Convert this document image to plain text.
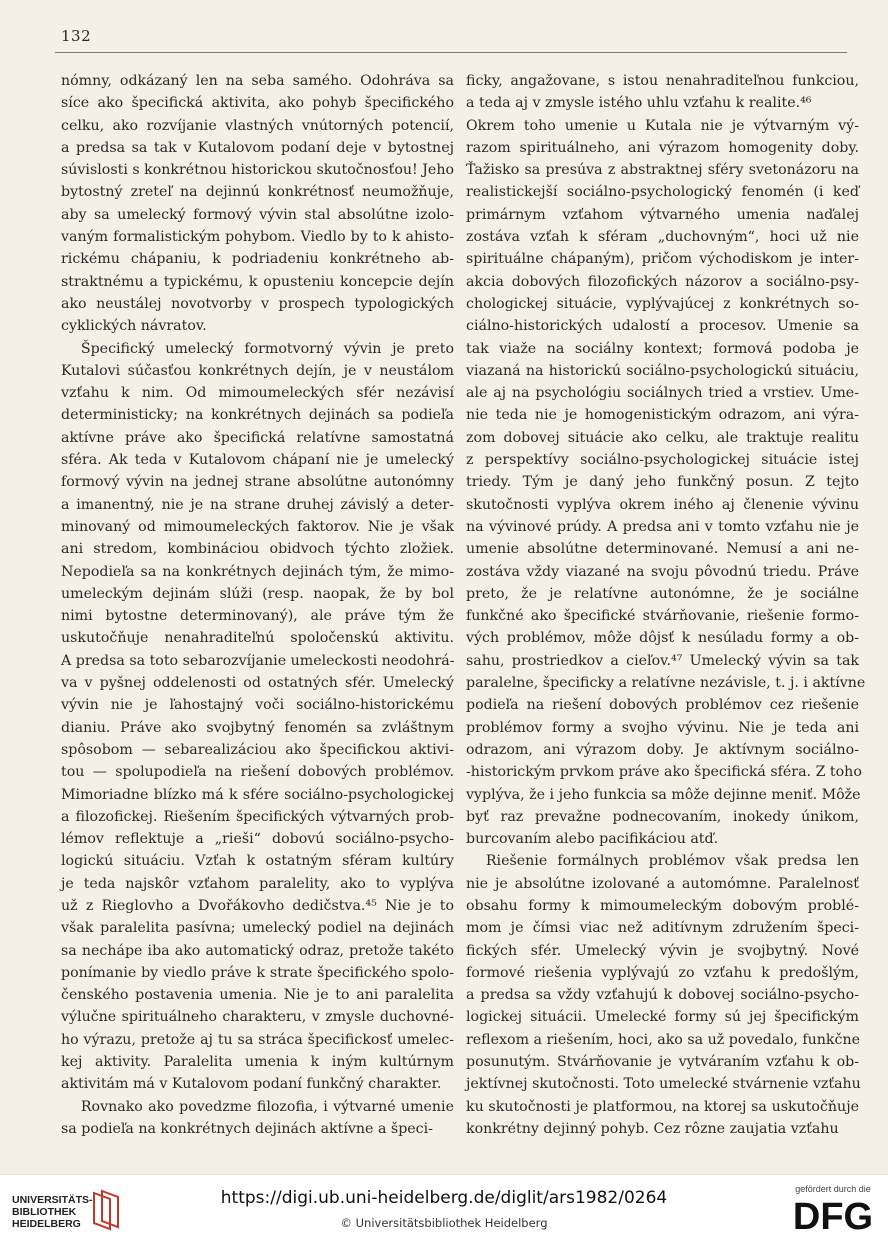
132
nómny, odkázaný len na seba samého. Odohráva sa
síce ako špecifická aktivita, ako pohyb špecifického
celku, ako rozvíjanie vlastných vnútorných potencií,
a predsa sa tak v Kutalovom podaní deje v bytostnej
súvislosti s konkrétnou historickou skutočnosťou! Jeho
bytostný zreteľ na dejinnú konkrétnosť neumožňuje,
aby sa umelecký formový vývin stal absolútne izolo-
vaným formalistickým pohybom. Viedlo by to k ahisto-
rickému chápaniu, k podriadeniu konkrétneho ab-
straktnému a typickému, k opusteniu koncepcie dejín
ako neustálej novotvorby v prospech typologických
cyklických návratov.
Špecifický umelecký formotvorný vývin je preto
Kutalovi súčasťou konkrétnych dejín, je v neustálom
vzťahu k nim. Od mimoumeleckých sfér nezávisí
deterministicky; na konkrétnych dejinách sa podieľa
aktívne práve ako špecifická relatívne samostatná
sféra. Ak teda v Kutalovom chápaní nie je umelecký
formový vývin na jednej strane absolútne autonómny
a imanentný, nie je na strane druhej závislý a deter-
minovaný od mimoumeleckých faktorov. Nie je však
ani stredom, kombináciou obidvoch týchto zložiek.
Nepodieľa sa na konkrétnych dejinách tým, že mimo-
umeleckým dejinám slúži (resp. naopak, že by bol
nimi bytostne determinovaný), ale práve tým že
uskutočňuje nenahraditeľnú spoločenskú aktivitu.
A predsa sa toto sebarozvíjanie umeleckosti neodohrá-
va v pyšnej oddelenosti od ostatných sfér. Umelecký
vývin nie je ľahostajný voči sociálno-historickému
dianiu. Práve ako svojbytný fenomén sa zvláštnym
spôsobom — sebarealizáciou ako špecifickou aktivi-
tou — spolupodieľa na riešení dobových problémov.
Mimoriadne blízko má k sfére sociálno-psychologickej
a filozofickej. Riešením špecifických výtvarných prob-
lémov reflektuje a „rieši“ dobovú sociálno-psycho-
logickú situáciu. Vzťah k ostatným sféram kultúry
je teda najskôr vzťahom paralelity, ako to vyplýva
už z Rieglovho a Dvořákovho dedičstva.⁴⁵ Nie je to
však paralelita pasívna; umelecký podiel na dejinách
sa nechápe iba ako automatický odraz, pretože takéto
ponímanie by viedlo práve k strate špecifického spolo-
čenského postavenia umenia. Nie je to ani paralelita
výlučne spirituálneho charakteru, v zmysle duchovné-
ho výrazu, pretože aj tu sa stráca špecifickosť umelec-
kej aktivity. Paralelita umenia k iným kultúrnym
aktivitám má v Kutalovom podaní funkčný charakter.
Rovnako ako povedzme filozofia, i výtvarné umenie
sa podieľa na konkrétnych dejinách aktívne a špeci-
ficky, angažovane, s istou nenahraditeľnou funkciou,
a teda aj v zmysle istého uhlu vzťahu k realite.⁴⁶
Okrem toho umenie u Kutala nie je výtvarným vý-
razom spirituálneho, ani výrazom homogenity doby.
Ťažisko sa presúva z abstraktnej sféry svetonázoru na
realistickejší sociálno-psychologický fenomén (i keď
primárnym vzťahom výtvarného umenia naďalej
zostáva vzťah k sféram „duchovným“, hoci už nie
spirituálne chápaným), pričom východiskom je inter-
akcia dobových filozofických názorov a sociálno-psy-
chologickej situácie, vyplývajúcej z konkrétnych so-
ciálno-historických udalostí a procesov. Umenie sa
tak viaže na sociálny kontext; formová podoba je
viazaná na historickú sociálno-psychologickú situáciu,
ale aj na psychológiu sociálnych tried a vrstiev. Ume-
nie teda nie je homogenistickým odrazom, ani výra-
zom dobovej situácie ako celku, ale traktuje realitu
z perspektívy sociálno-psychologickej situácie istej
triedy. Tým je daný jeho funkčný posun. Z tejto
skutočnosti vyplýva okrem iného aj členenie vývinu
na vývinové prúdy. A predsa ani v tomto vzťahu nie je
umenie absolútne determinované. Nemusí a ani ne-
zostáva vždy viazané na svoju pôvodnú triedu. Práve
preto, že je relatívne autonómne, že je sociálne
funkčné ako špecifické stvárňovanie, riešenie formo-
vých problémov, môže dôjsť k nesúladu formy a ob-
sahu, prostriedkov a cieľov.⁴⁷ Umelecký vývin sa tak
paralelne, špecificky a relatívne nezávisle, t. j. i aktívne
podieľa na riešení dobových problémov cez riešenie
problémov formy a svojho vývinu. Nie je teda ani
odrazom, ani výrazom doby. Je aktívnym sociálno-
-historickým prvkom práve ako špecifická sféra. Z toho
vyplýva, že i jeho funkcia sa môže dejinne meniť. Môže
byť raz prevažne podnecovaním, inokedy únikom,
burcovaním alebo pacifikáciou atď.
Riešenie formálnych problémov však predsa len
nie je absolútne izolované a automómne. Paralelnosť
obsahu formy k mimoumeleckým dobovým problé-
mom je čímsi viac než aditívnym združením špeci-
fických sfér. Umelecký vývin je svojbytný. Nové
formové riešenia vyplývajú zo vzťahu k predošlým,
a predsa sa vždy vzťahujú k dobovej sociálno-psycho-
logickej situácii. Umelecké formy sú jej špecifickým
reflexom a riešením, hoci, ako sa už povedalo, funkčne
posunutým. Stvárňovanie je vytváraním vzťahu k ob-
jektívnej skutočnosti. Toto umelecké stvárnenie vzťahu
ku skutočnosti je platformou, na ktorej sa uskutočňuje
konkrétny dejinný pohyb. Cez rôzne zaujatia vzťahu
UNIVERSITÄTS-
BIBLIOTHEK
HEIDELBERG
https://digi.ub.uni-heidelberg.de/diglit/ars1982/0264
© Universitätsbibliothek Heidelberg
gefördert durch die
DFG
